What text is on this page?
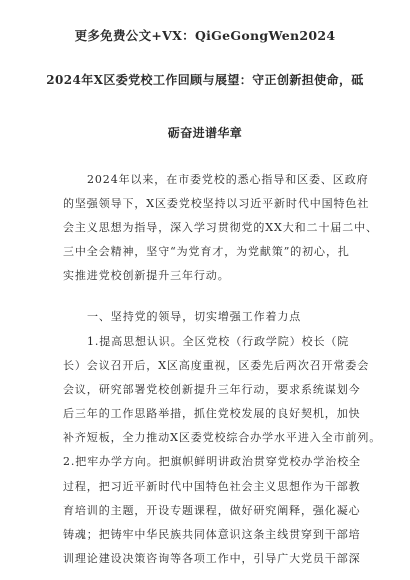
更多免费公文+VX：QiGeGongWen2024
2024年X区委党校工作回顾与展望：守正创新担使命，砥
砺奋进谱华章
2024年以来，在市委党校的悉心指导和区委、区政府
的坚强领导下，X区委党校坚持以习近平新时代中国特色社
会主义思想为指导，深入学习贯彻党的XX大和二十届二中、
三中全会精神，坚守“为党育才，为党献策”的初心，扎
实推进党校创新提升三年行动。
一、坚持党的领导，切实增强工作着力点
1.提高思想认识。全区党校（行政学院）校长（院
长）会议召开后，X区高度重视，区委先后两次召开常委会
会议，研究部署党校创新提升三年行动，要求系统谋划今
后三年的工作思路举措，抓住党校发展的良好契机，加快
补齐短板，全力推动X区委党校综合办学水平进入全市前列。
2.把牢办学方向。把旗帜鲜明讲政治贯穿党校办学治校全
过程，把习近平新时代中国特色社会主义思想作为干部教
育培训的主题，开设专题课程，做好研究阐释，强化凝心
铸魂；把铸牢中华民族共同体意识这条主线贯穿到干部培
训理论建设决策咨询等各项工作中，引导广大党员干部深
